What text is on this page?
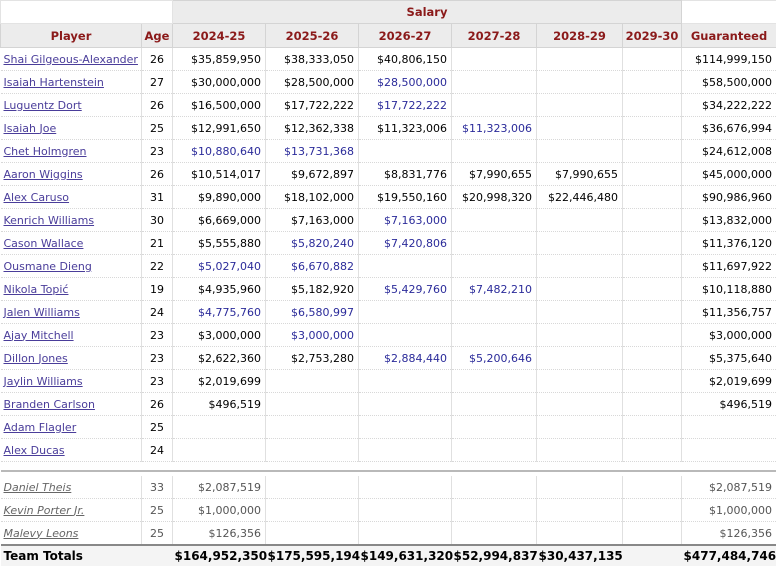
		Salary						
Player	Age	2024-25	2025-26	2026-27	2027-28	2028-29	2029-30	Guaranteed
Shai Gilgeous-Alexander	26	$35,859,950	$38,333,050	$40,806,150				$114,999,150
Isaiah Hartenstein	27	$30,000,000	$28,500,000	$28,500,000				$58,500,000
Luguentz Dort	26	$16,500,000	$17,722,222	$17,722,222				$34,222,222
Isaiah Joe	25	$12,991,650	$12,362,338	$11,323,006	$11,323,006			$36,676,994
Chet Holmgren	23	$10,880,640	$13,731,368					$24,612,008
Aaron Wiggins	26	$10,514,017	$9,672,897	$8,831,776	$7,990,655	$7,990,655		$45,000,000
Alex Caruso	31	$9,890,000	$18,102,000	$19,550,160	$20,998,320	$22,446,480		$90,986,960
Kenrich Williams	30	$6,669,000	$7,163,000	$7,163,000				$13,832,000
Cason Wallace	21	$5,555,880	$5,820,240	$7,420,806				$11,376,120
Ousmane Dieng	22	$5,027,040	$6,670,882					$11,697,922
Nikola Topić	19	$4,935,960	$5,182,920	$5,429,760	$7,482,210			$10,118,880
Jalen Williams	24	$4,775,760	$6,580,997					$11,356,757
Ajay Mitchell	23	$3,000,000	$3,000,000					$3,000,000
Dillon Jones	23	$2,622,360	$2,753,280	$2,884,440	$5,200,646			$5,375,640
Jaylin Williams	23	$2,019,699						$2,019,699
Branden Carlson	26	$496,519						$496,519
Adam Flagler	25							
Alex Ducas	24							

Daniel Theis	33	$2,087,519						$2,087,519
Kevin Porter Jr.	25	$1,000,000						$1,000,000
Malevy Leons	25	$126,356						$126,356
Team Totals		$164,952,350	$175,595,194	$149,631,320	$52,994,837	$30,437,135		$477,484,746
